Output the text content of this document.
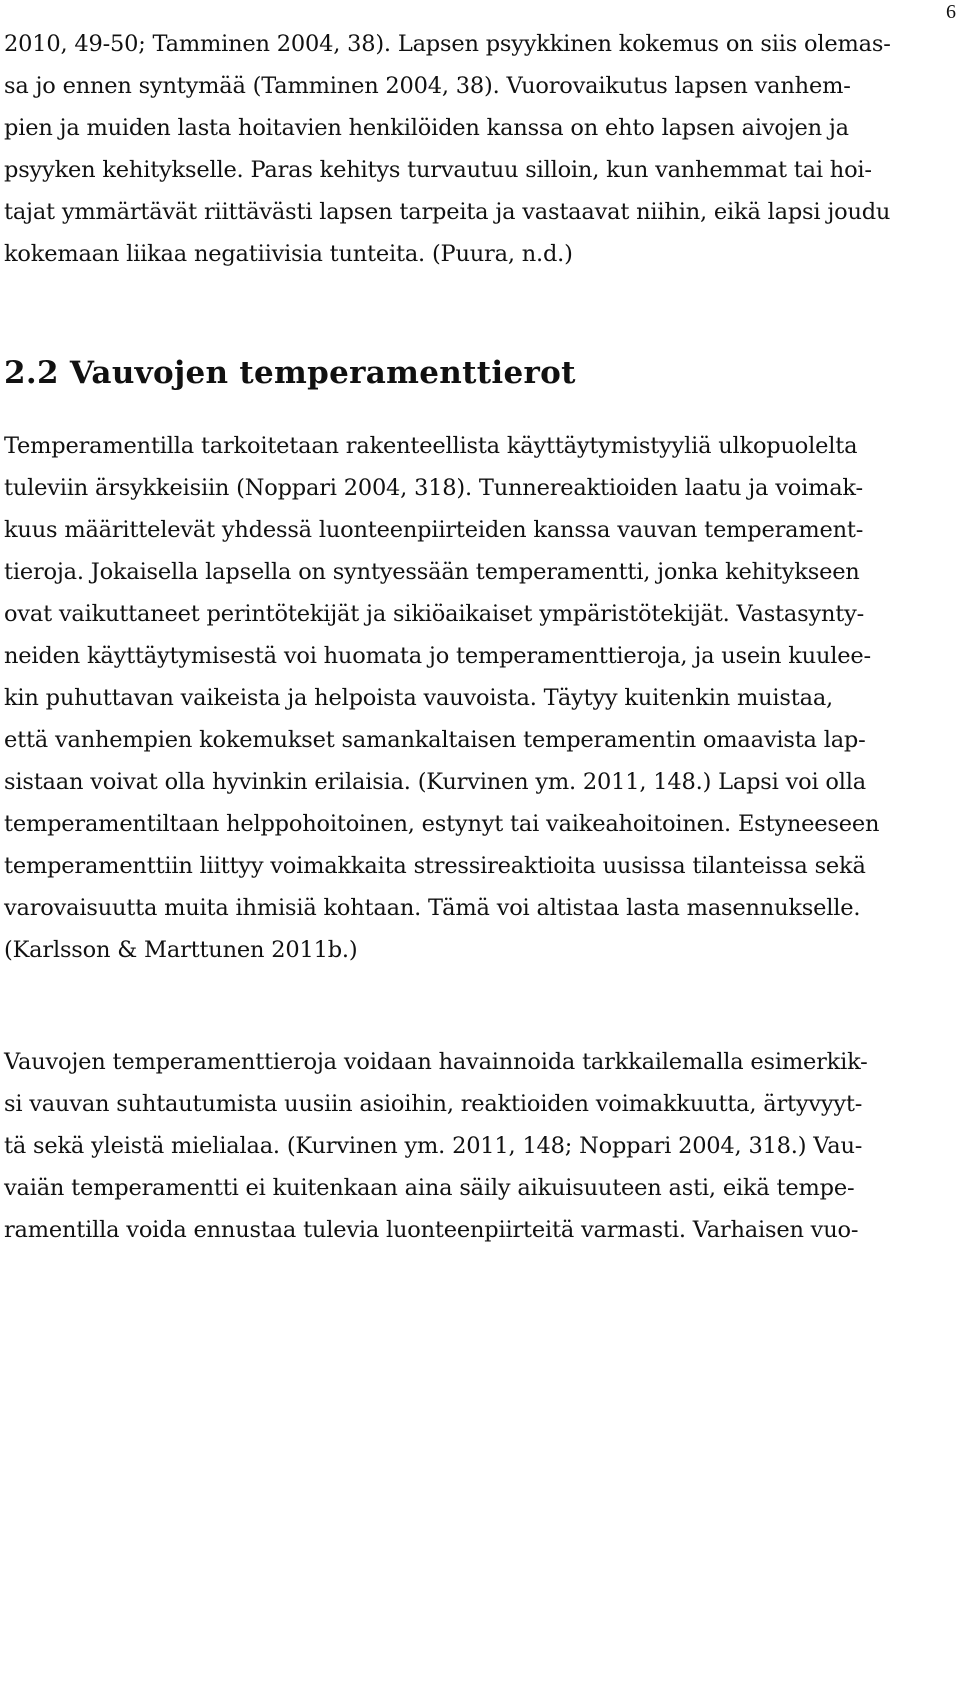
6
2010, 49-50; Tamminen 2004, 38). Lapsen psyykkinen kokemus on siis olemas-
sa jo ennen syntymää (Tamminen 2004, 38). Vuorovaikutus lapsen vanhem-
pien ja muiden lasta hoitavien henkilöiden kanssa on ehto lapsen aivojen ja
psyyken kehitykselle. Paras kehitys turvautuu silloin, kun vanhemmat tai hoi-
tajat ymmärtävät riittävästi lapsen tarpeita ja vastaavat niihin, eikä lapsi joudu
kokemaan liikaa negatiivisia tunteita. (Puura, n.d.)
2.2 Vauvojen temperamenttierot
Temperamentilla tarkoitetaan rakenteellista käyttäytymistyyliä ulkopuolelta
tuleviin ärsykkeisiin (Noppari 2004, 318). Tunnereaktioiden laatu ja voimak-
kuus määrittelevät yhdessä luonteenpiirteiden kanssa vauvan temperament-
tieroja. Jokaisella lapsella on syntyessään temperamentti, jonka kehitykseen
ovat vaikuttaneet perintötekijät ja sikiöaikaiset ympäristötekijät. Vastasynty-
neiden käyttäytymisestä voi huomata jo temperamenttieroja, ja usein kuulee-
kin puhuttavan vaikeista ja helpoista vauvoista. Täytyy kuitenkin muistaa,
että vanhempien kokemukset samankaltaisen temperamentin omaavista lap-
sistaan voivat olla hyvinkin erilaisia. (Kurvinen ym. 2011, 148.) Lapsi voi olla
temperamentiltaan helppohoitoinen, estynyt tai vaikeahoitoinen. Estyneeseen
temperamenttiin liittyy voimakkaita stressireaktioita uusissa tilanteissa sekä
varovaisuutta muita ihmisiä kohtaan. Tämä voi altistaa lasta masennukselle.
(Karlsson & Marttunen 2011b.)
Vauvojen temperamenttieroja voidaan havainnoida tarkkailemalla esimerkik-
si vauvan suhtautumista uusiin asioihin, reaktioiden voimakkuutta, ärtyvyyt-
tä sekä yleistä mielialaa. (Kurvinen ym. 2011, 148; Noppari 2004, 318.) Vau-
vaiän temperamentti ei kuitenkaan aina säily aikuisuuteen asti, eikä tempe-
ramentilla voida ennustaa tulevia luonteenpiirteitä varmasti. Varhaisen vuo-
